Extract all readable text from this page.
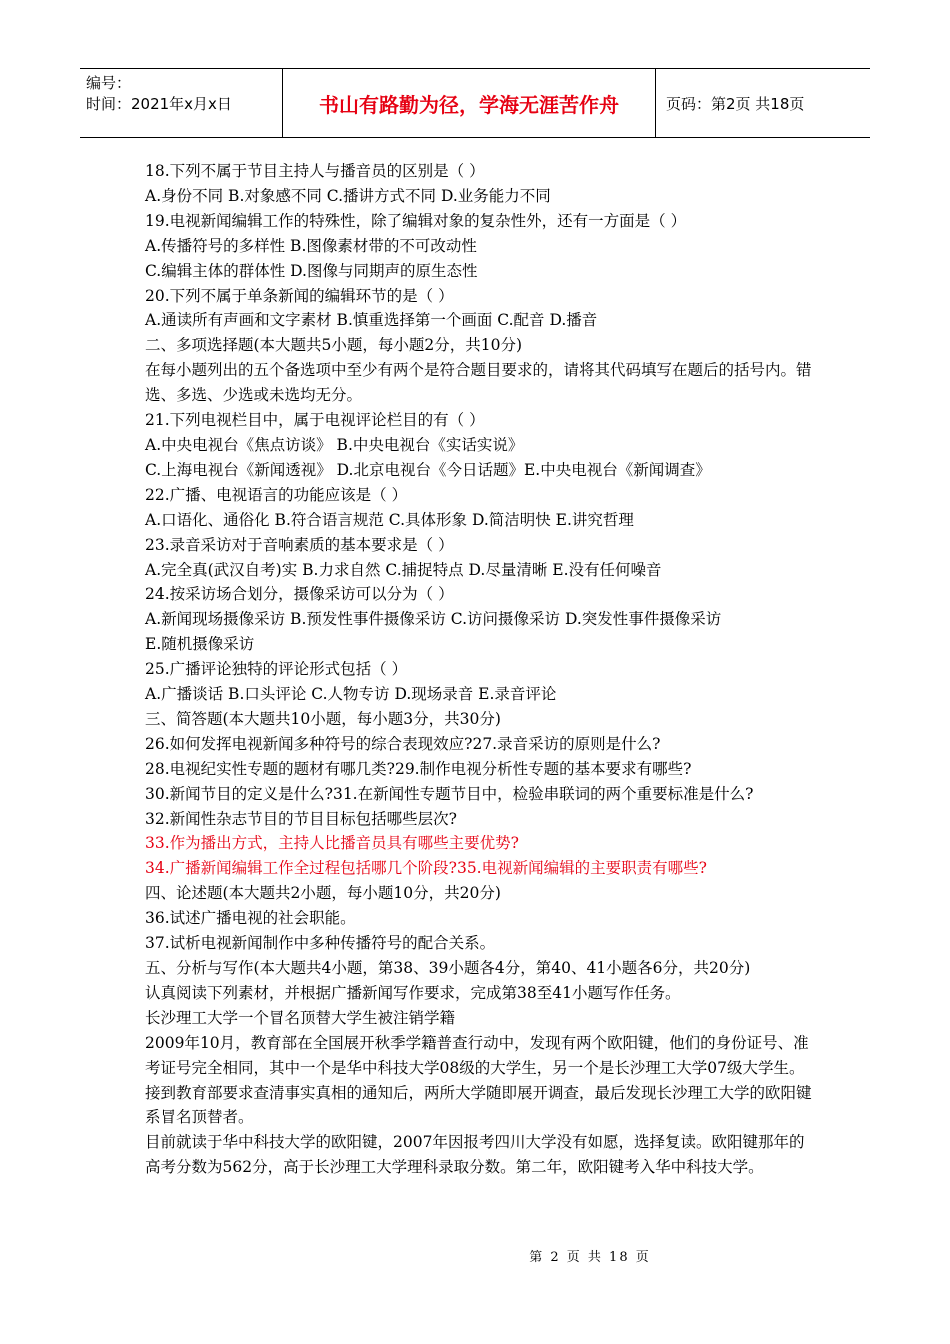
编号：
时间：2021年x月x日	书山有路勤为径，学海无涯苦作舟	页码：第2页 共18页
18.下列不属于节目主持人与播音员的区别是（ ）
A.身份不同 B.对象感不同 C.播讲方式不同 D.业务能力不同
19.电视新闻编辑工作的特殊性，除了编辑对象的复杂性外，还有一方面是（ ）
A.传播符号的多样性 B.图像素材带的不可改动性
C.编辑主体的群体性 D.图像与同期声的原生态性
20.下列不属于单条新闻的编辑环节的是（ ）
A.通读所有声画和文字素材 B.慎重选择第一个画面 C.配音 D.播音
二、多项选择题(本大题共5小题，每小题2分，共10分)
在每小题列出的五个备选项中至少有两个是符合题目要求的，请将其代码填写在题后的括号内。错选、多选、少选或未选均无分。
21.下列电视栏目中，属于电视评论栏目的有（ ）
A.中央电视台《焦点访谈》 B.中央电视台《实话实说》
C.上海电视台《新闻透视》 D.北京电视台《今日话题》E.中央电视台《新闻调查》
22.广播、电视语言的功能应该是（ ）
A.口语化、通俗化 B.符合语言规范 C.具体形象 D.简洁明快 E.讲究哲理
23.录音采访对于音响素质的基本要求是（ ）
A.完全真(武汉自考)实 B.力求自然 C.捕捉特点 D.尽量清晰 E.没有任何噪音
24.按采访场合划分，摄像采访可以分为（ ）
A.新闻现场摄像采访 B.预发性事件摄像采访 C.访问摄像采访 D.突发性事件摄像采访
E.随机摄像采访
25.广播评论独特的评论形式包括（ ）
A.广播谈话 B.口头评论 C.人物专访 D.现场录音 E.录音评论
三、简答题(本大题共10小题，每小题3分，共30分)
26.如何发挥电视新闻多种符号的综合表现效应?27.录音采访的原则是什么?
28.电视纪实性专题的题材有哪几类?29.制作电视分析性专题的基本要求有哪些?
30.新闻节目的定义是什么?31.在新闻性专题节目中，检验串联词的两个重要标准是什么?
32.新闻性杂志节目的节目目标包括哪些层次?
33.作为播出方式，主持人比播音员具有哪些主要优势?
34.广播新闻编辑工作全过程包括哪几个阶段?35.电视新闻编辑的主要职责有哪些?
四、论述题(本大题共2小题，每小题10分，共20分)
36.试述广播电视的社会职能。
37.试析电视新闻制作中多种传播符号的配合关系。
五、分析与写作(本大题共4小题，第38、39小题各4分，第40、41小题各6分，共20分)
认真阅读下列素材，并根据广播新闻写作要求，完成第38至41小题写作任务。
长沙理工大学一个冒名顶替大学生被注销学籍
2009年10月，教育部在全国展开秋季学籍普查行动中，发现有两个欧阳键，他们的身份证号、准考证号完全相同，其中一个是华中科技大学08级的大学生，另一个是长沙理工大学07级大学生。接到教育部要求查清事实真相的通知后，两所大学随即展开调查，最后发现长沙理工大学的欧阳键系冒名顶替者。
目前就读于华中科技大学的欧阳键，2007年因报考四川大学没有如愿，选择复读。欧阳键那年的高考分数为562分，高于长沙理工大学理科录取分数。第二年，欧阳键考入华中科技大学。
第 2 页 共 18 页
